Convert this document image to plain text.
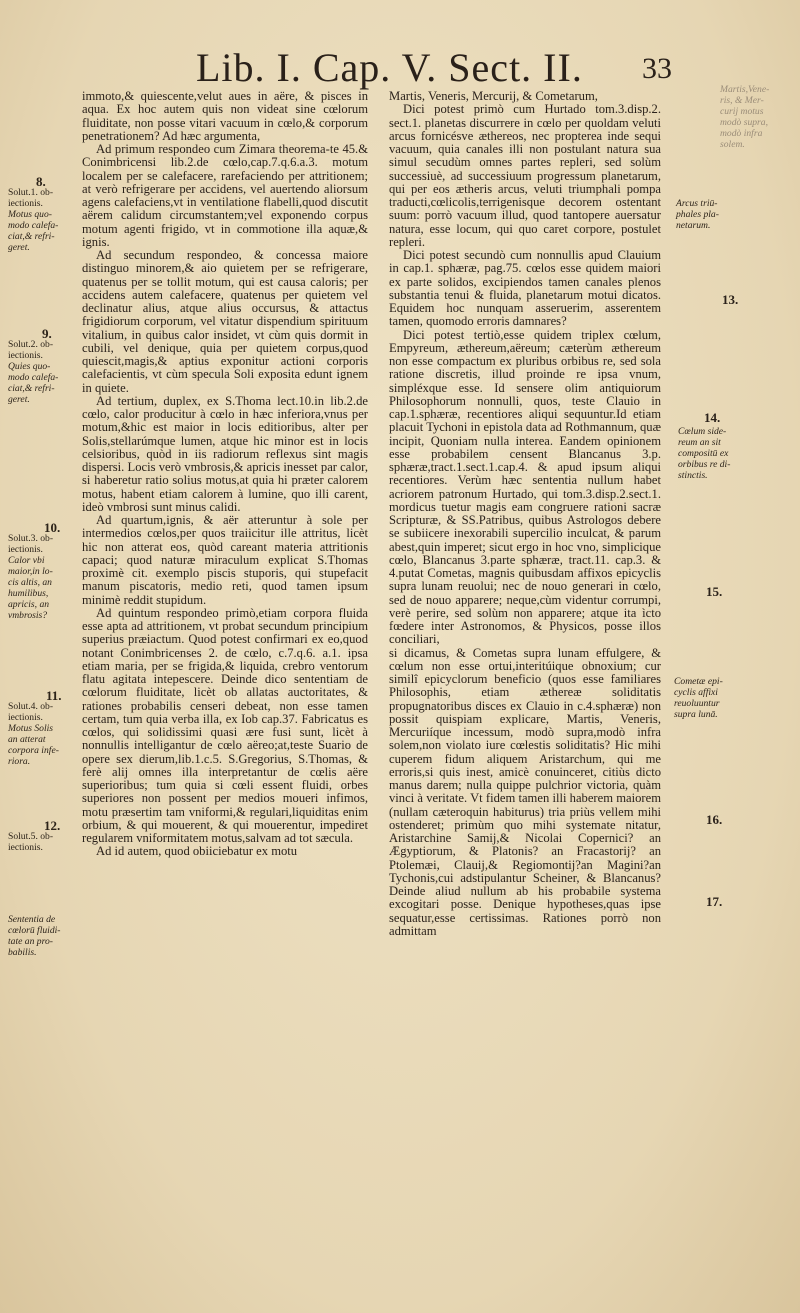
Lib. I. Cap. V. Sect. II.	33

immoto,& quiescente,velut aues in aëre, & pisces in aqua. Ex hoc autem quis non videat sine cœlorum fluiditate, non posse vitari vacuum in cœlo,& corporum penetrationem? Ad hæc argumenta,

Ad primum respondeo cum Zimara theorema-te 45.& Conimbricensi lib.2.de cœlo,cap.7.q.6.a.3. motum localem per se calefacere, rarefaciendo per attritionem; at verò refrigerare per accidens, vel auertendo aliorsum agens calefaciens,vt in ventilatione flabelli,quod discutit aërem calidum circumstantem;vel exponendo corpus motum agenti frigido, vt in commotione illa aquæ,& ignis.

Ad secundum respondeo, & concessa maiore distinguo minorem,& aio quietem per se refrigerare, quatenus per se tollit motum, qui est causa caloris; per accidens autem calefacere, quatenus per quietem vel declinatur alius, atque alius occursus, & attactus frigidiorum corporum, vel vitatur dispendium spirituum vitalium, in quibus calor insidet, vt cùm quis dormit in cubili, vel denique, quia per quietem corpus,quod quiescit,magis,& aptius exponitur actioni corporis calefacientis, vt cùm specula Soli exposita edunt ignem in quiete.

Ad tertium, duplex, ex S.Thoma lect.10.in lib.2.de cœlo, calor producitur à cœlo in hæc inferiora,vnus per motum,&hic est maior in locis editioribus, alter per Solis,stellarúmque lumen, atque hic minor est in locis celsioribus, quòd in iis radiorum reflexus sint magis dispersi. Locis verò vmbrosis,& apricis inesset par calor, si haberetur ratio solius motus,at quia hi præter calorem motus, habent etiam calorem à lumine, quo illi carent, ideò vmbrosi sunt minus calidi.

Ad quartum,ignis, & aër atteruntur à sole per intermedios cœlos,per quos traiicitur ille attritus, licèt hic non atterat eos, quòd careant materia attritionis capaci; quod naturæ miraculum explicat S.Thomas proximè cit. exemplo piscis stuporis, qui stupefacit manum piscatoris, medio reti, quod tamen ipsum minimè reddit stupidum.

Ad quintum respondeo primò,etiam corpora fluida esse apta ad attritionem, vt probat secundum principium superius præiactum. Quod potest confirmari ex eo,quod notant Conimbricenses 2. de cœlo, c.7.q.6. a.1. ipsa etiam maria, per se frigida,& liquida, crebro ventorum flatu agitata intepescere. Deinde dico sententiam de cœlorum fluiditate, licèt ob allatas auctoritates, & rationes probabilis censeri debeat, non esse tamen certam, tum quia verba illa, ex Iob cap.37. Fabricatus es cœlos, qui solidissimi quasi ære fusi sunt, licèt à nonnullis intelligantur de cœlo aëreo;at,teste Suario de opere sex dierum,lib.1.c.5. S.Gregorius, S.Thomas, & ferè alij omnes illa interpretantur de cœlis aëre superioribus; tum quia si cœli essent fluidi, orbes superiores non possent per medios moueri infimos, motu præsertim tam vniformi,& regulari,liquiditas enim orbium, & qui mouerent, & qui mouerentur, impediret regularem vniformitatem motus,salvam ad tot sæcula.

Ad id autem, quod obiiciebatur ex motu

Martis, Veneris, Mercurij, & Cometarum,

Dici potest primò cum Hurtado tom.3.disp.2. sect.1. planetas discurrere in cœlo per quoldam veluti arcus fornicésve æthereos, nec propterea inde sequi vacuum, quia canales illi non postulant natura sua simul secudùm omnes partes repleri, sed solùm successiuè, ad successiuum progressum planetarum, qui per eos ætheris arcus, veluti triumphali pompa traducti,cœlicolis,terrigenisque decorem ostentant suum: porrò vacuum illud, quod tantopere auersatur natura, esse locum, qui quo caret corpore, postulet repleri.

Dici potest secundò cum nonnullis apud Clauium in cap.1. sphæræ, pag.75. cœlos esse quidem maiori ex parte solidos, excipiendos tamen canales plenos substantia tenui & fluida, planetarum motui dicatos. Equidem hoc nunquam asseruerim, asserentem tamen, quomodo erroris damnares?

Dici potest tertiò,esse quidem triplex cœlum, Empyreum, æthereum,aëreum; cæterùm æthereum non esse compactum ex pluribus orbibus re, sed sola ratione discretis, illud proinde re ipsa vnum, simpléxque esse. Id sensere olim antiquiorum Philosophorum nonnulli, quos, teste Clauio in cap.1.sphæræ, recentiores aliqui sequuntur.Id etiam placuit Tychoni in epistola data ad Rothmannum, quæ incipit, Quoniam nulla interea. Eandem opinionem esse probabilem censent Blancanus 3.p. sphæræ,tract.1.sect.1.cap.4. & apud ipsum aliqui recentiores. Verùm hæc sententia nullum habet acriorem patronum Hurtado, qui tom.3.disp.2.sect.1. mordicus tuetur magis eam congruere rationi sacræ Scripturæ, & SS.Patribus, quibus Astrologos debere se subiicere inexorabili supercilio inculcat, & parum abest,quin imperet; sicut ergo in hoc vno, simplicique cœlo, Blancanus 3.parte sphæræ, tract.11. cap.3. & 4.putat Cometas, magnis quibusdam affixos epicyclis supra lunam reuolui; nec de nouo generari in cœlo, sed de nouo apparere; neque,cùm videntur corrumpi, verè perire, sed solùm non apparere; atque ita ìcto fœdere inter Astronomos, & Physicos, posse illos conciliari,

si dicamus, & Cometas supra lunam effulgere, & cœlum non esse ortui,interitúique obnoxium; cur similî epicyclorum beneficio (quos esse familiares Philosophis, etiam æthereæ soliditatis propugnatoribus disces ex Clauio in c.4.sphæræ) non possit quispiam explicare, Martis, Veneris, Mercuriíque incessum, modò supra,modò infra solem,non violato iure cœlestis soliditatis? Hic mihi cuperem fidum aliquem Aristarchum, qui me erroris,si quis inest, amicè conuinceret, citiùs dicto manus darem; nulla quippe pulchrior victoria, quàm vinci à veritate. Vt fidem tamen illi haberem maiorem (nullam cæteroquin habiturus) tria priùs vellem mihi ostenderet; primùm quo mihi systemate nitatur, Aristarchine Samij,& Nicolai Copernici? an Ægyptiorum, & Platonis? an Fracastorij? an Ptolemæi, Clauij,& Regiomontij?an Magini?an Tychonis,cui adstipulantur Scheiner, & Blancanus? Deinde aliud nullum ab his probabile systema excogitari posse. Denique hypotheses,quas ipse sequatur,esse certissimas. Rationes porrò non admittam

8.
Solut.1. ob-
iectionis.
Motus quo-
modo calefa-
ciat,& refri-
geret.
9.
Solut.2. ob-
iectionis.
Quies quo-
modo calefa-
ciat,& refri-
geret.
10.
Solut.3. ob-
iectionis.
Calor vbi
maior,in lo-
cis altis, an
humilibus,
apricis, an
vmbrosis?
11.
Solut.4. ob-
iectionis.
Motus Solis
an atterat
corpora infe-
riora.
12.
Solut.5. ob-
iectionis.
Sententia de
cœlorū fluidi-
tate an pro-
babilis.
Martis,Vene-
ris, & Mer-
curij motus
modò supra,
modò infra
solem.
Arcus triū-
phales pla-
netarum.
13.
14.
Cœlum side-
reum an sit
compositū ex
orbibus re di-
stinctis.
15.
Cometæ epi-
cyclis affixi
reuoluuntur
supra lunā.
16.
17.
